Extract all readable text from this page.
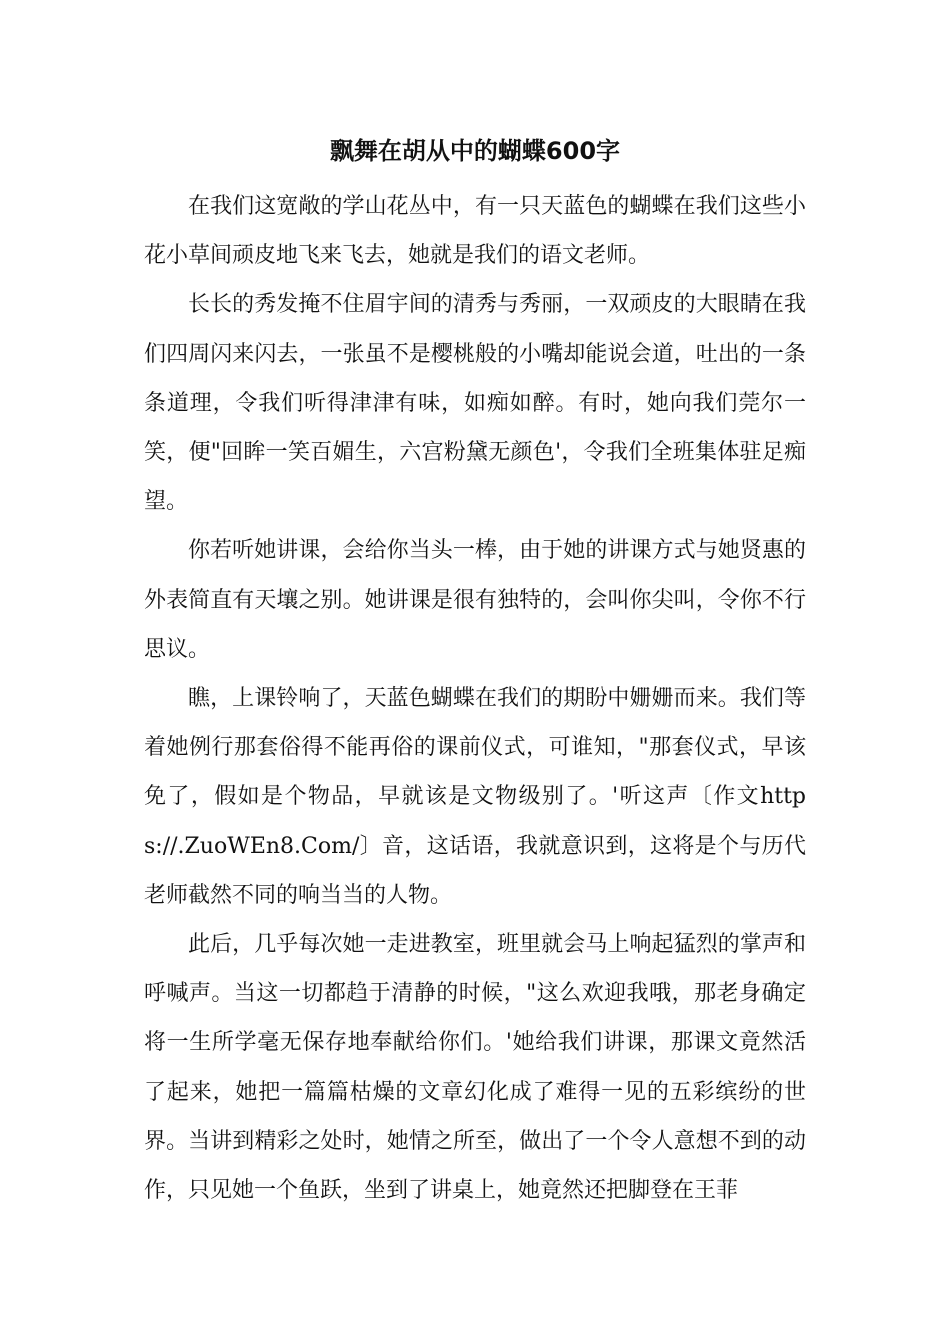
飘舞在胡从中的蝴蝶600字

在我们这宽敞的学山花丛中，有一只天蓝色的蝴蝶在我们这些小花小草间顽皮地飞来飞去，她就是我们的语文老师。

长长的秀发掩不住眉宇间的清秀与秀丽，一双顽皮的大眼睛在我们四周闪来闪去，一张虽不是樱桃般的小嘴却能说会道，吐出的一条条道理，令我们听得津津有味，如痴如醉。有时，她向我们莞尔一笑，便"回眸一笑百媚生，六宫粉黛无颜色'，令我们全班集体驻足痴望。

你若听她讲课，会给你当头一棒，由于她的讲课方式与她贤惠的外表简直有天壤之别。她讲课是很有独特的，会叫你尖叫，令你不行思议。

瞧，上课铃响了，天蓝色蝴蝶在我们的期盼中姗姗而来。我们等着她例行那套俗得不能再俗的课前仪式，可谁知，"那套仪式，早该免了，假如是个物品，早就该是文物级别了。'听这声〔作文https://.ZuoWEn8.Com/〕音，这话语，我就意识到，这将是个与历代老师截然不同的响当当的人物。

此后，几乎每次她一走进教室，班里就会马上响起猛烈的掌声和呼喊声。当这一切都趋于清静的时候，"这么欢迎我哦，那老身确定将一生所学毫无保存地奉献给你们。'她给我们讲课，那课文竟然活了起来，她把一篇篇枯燥的文章幻化成了难得一见的五彩缤纷的世界。当讲到精彩之处时，她情之所至，做出了一个令人意想不到的动作，只见她一个鱼跃，坐到了讲桌上，她竟然还把脚登在王菲
